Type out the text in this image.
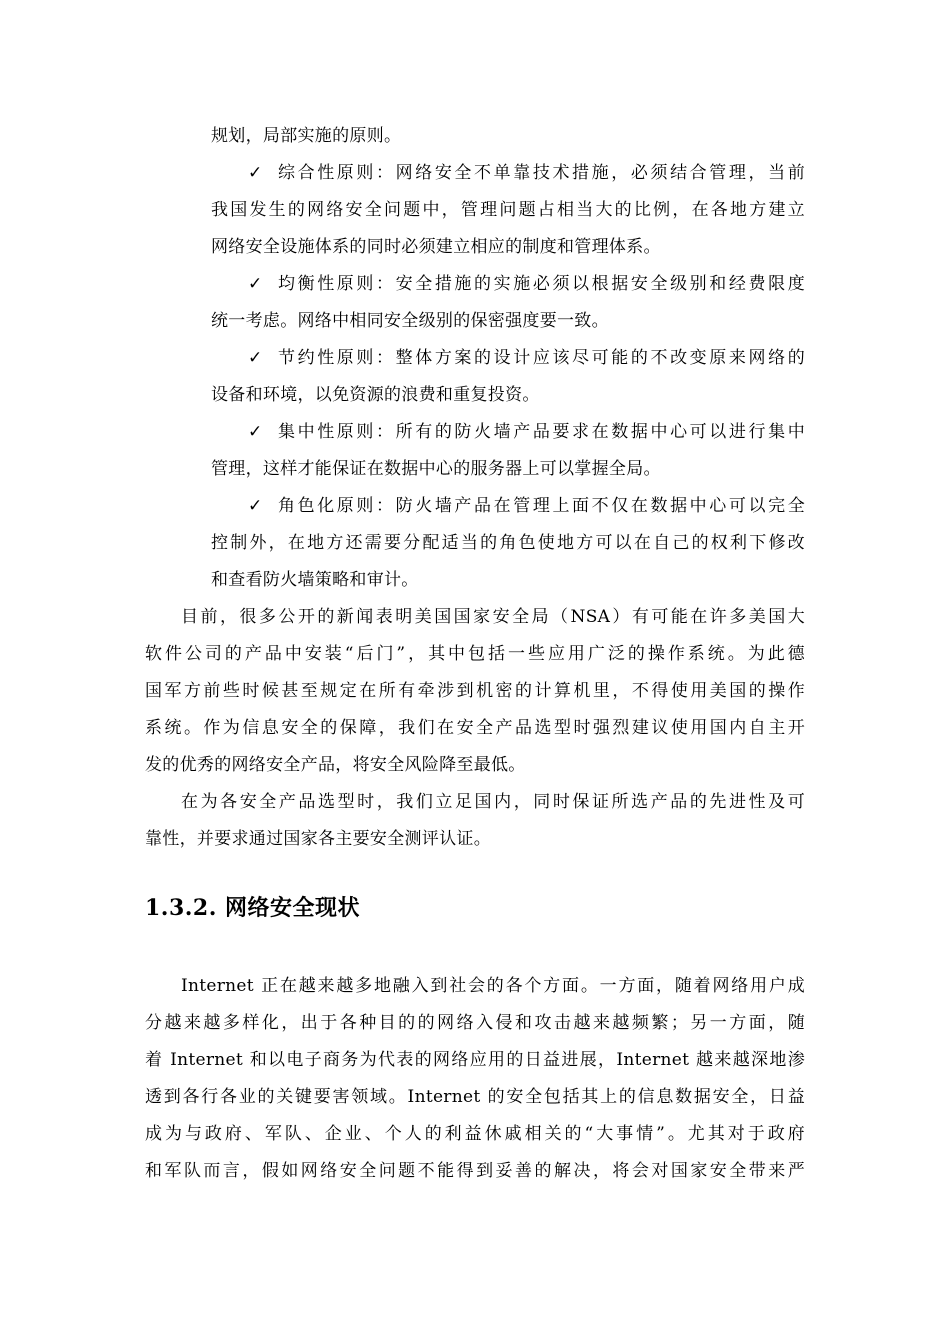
规划，局部实施的原则。
✓ 综合性原则：网络安全不单靠技术措施，必须结合管理，当前
我国发生的网络安全问题中，管理问题占相当大的比例，在各地方建立
网络安全设施体系的同时必须建立相应的制度和管理体系。
✓ 均衡性原则：安全措施的实施必须以根据安全级别和经费限度
统一考虑。网络中相同安全级别的保密强度要一致。
✓ 节约性原则：整体方案的设计应该尽可能的不改变原来网络的
设备和环境，以免资源的浪费和重复投资。
✓ 集中性原则：所有的防火墙产品要求在数据中心可以进行集中
管理，这样才能保证在数据中心的服务器上可以掌握全局。
✓ 角色化原则：防火墙产品在管理上面不仅在数据中心可以完全
控制外，在地方还需要分配适当的角色使地方可以在自己的权利下修改
和查看防火墙策略和审计。
目前，很多公开的新闻表明美国国家安全局（NSA）有可能在许多美国大
软件公司的产品中安装“后门”，其中包括一些应用广泛的操作系统。为此德
国军方前些时候甚至规定在所有牵涉到机密的计算机里，不得使用美国的操作
系统。作为信息安全的保障，我们在安全产品选型时强烈建议使用国内自主开
发的优秀的网络安全产品，将安全风险降至最低。
在为各安全产品选型时，我们立足国内，同时保证所选产品的先进性及可
靠性，并要求通过国家各主要安全测评认证。
1.3.2. 网络安全现状
Internet 正在越来越多地融入到社会的各个方面。一方面，随着网络用户成
分越来越多样化，出于各种目的的网络入侵和攻击越来越频繁；另一方面，随
着 Internet 和以电子商务为代表的网络应用的日益进展，Internet 越来越深地渗
透到各行各业的关键要害领域。Internet 的安全包括其上的信息数据安全，日益
成为与政府、军队、企业、个人的利益休戚相关的“大事情”。尤其对于政府
和军队而言，假如网络安全问题不能得到妥善的解决，将会对国家安全带来严
